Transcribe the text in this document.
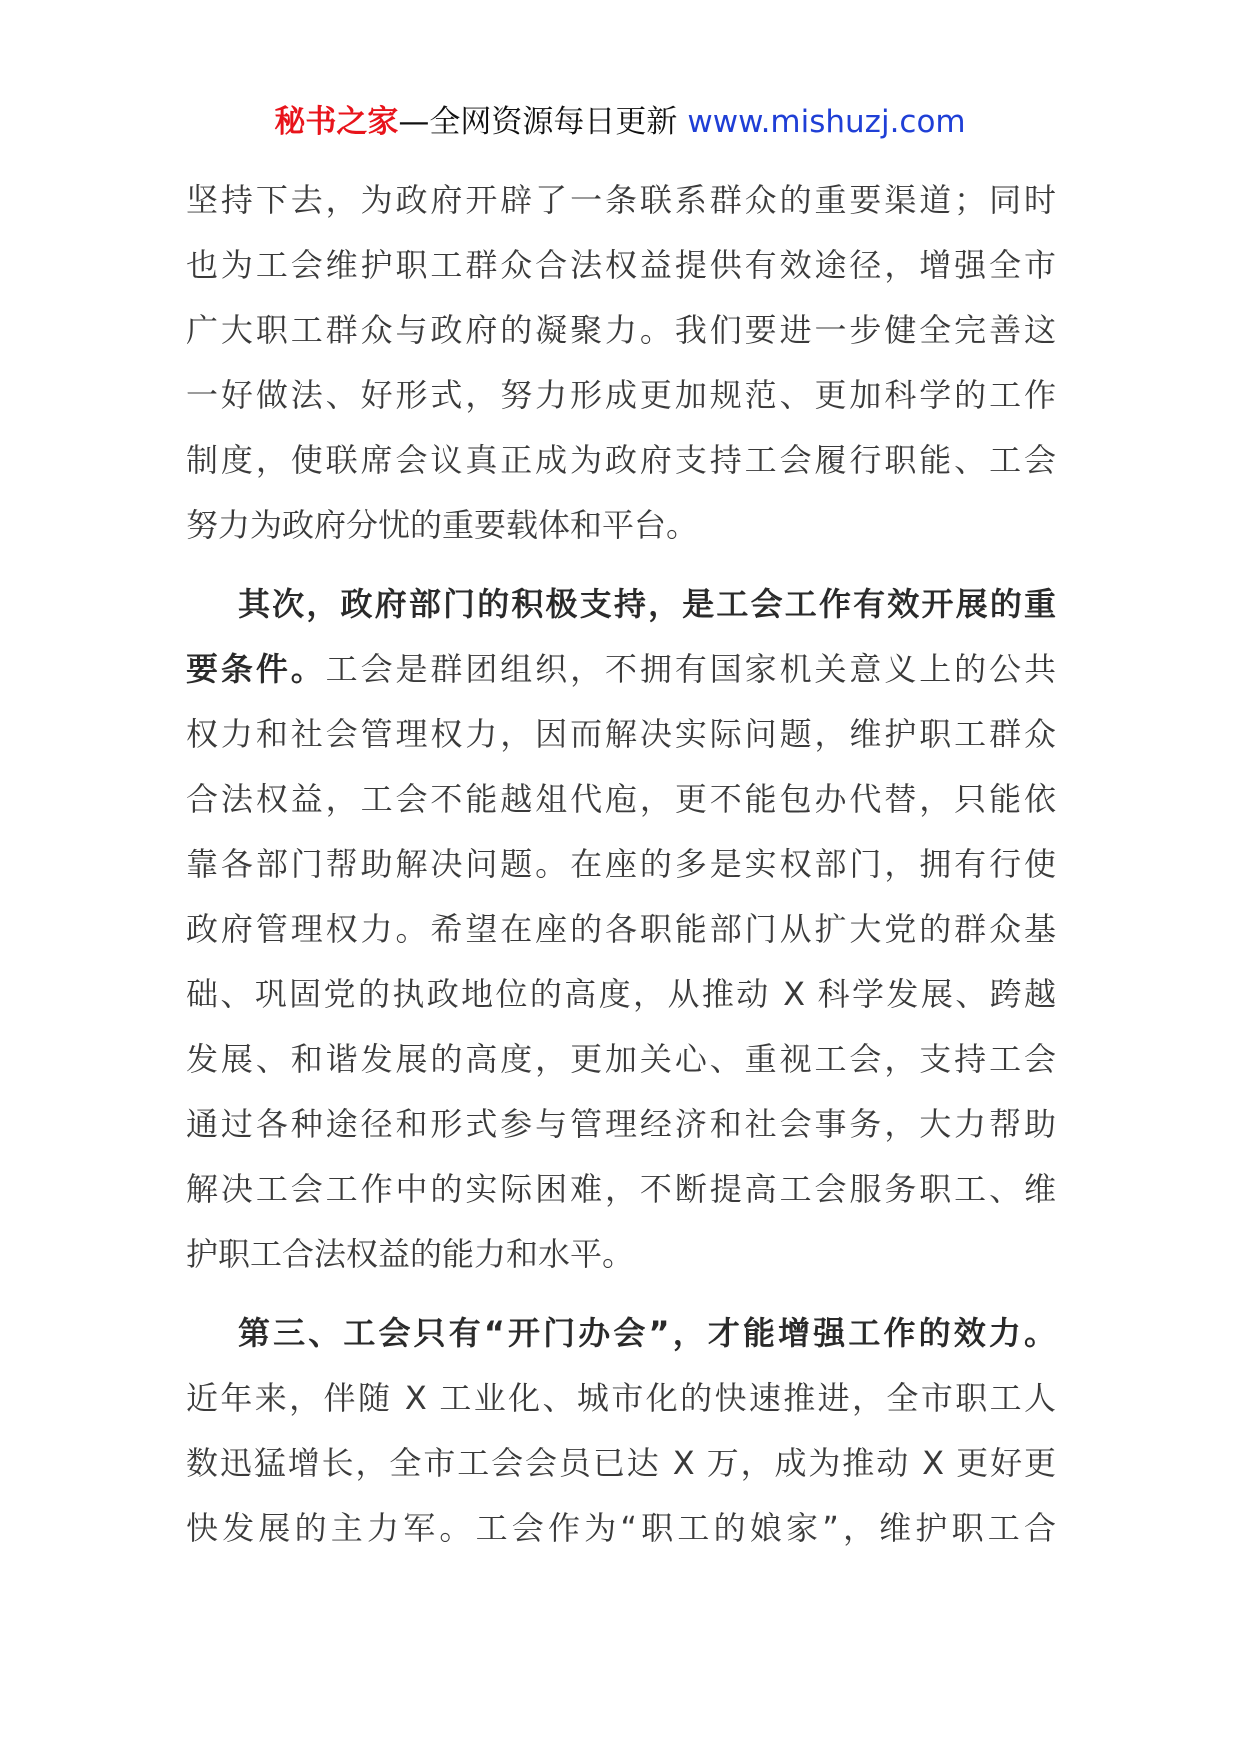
秘书之家—全网资源每日更新 www.mishuzj.com
坚持下去，为政府开辟了一条联系群众的重要渠道；同时
也为工会维护职工群众合法权益提供有效途径，增强全市
广大职工群众与政府的凝聚力。我们要进一步健全完善这
一好做法、好形式，努力形成更加规范、更加科学的工作
制度，使联席会议真正成为政府支持工会履行职能、工会
努力为政府分忧的重要载体和平台。
其次，政府部门的积极支持，是工会工作有效开展的重
要条件。工会是群团组织，不拥有国家机关意义上的公共
权力和社会管理权力，因而解决实际问题，维护职工群众
合法权益，工会不能越俎代庖，更不能包办代替，只能依
靠各部门帮助解决问题。在座的多是实权部门，拥有行使
政府管理权力。希望在座的各职能部门从扩大党的群众基
础、巩固党的执政地位的高度，从推动 X 科学发展、跨越
发展、和谐发展的高度，更加关心、重视工会，支持工会
通过各种途径和形式参与管理经济和社会事务，大力帮助
解决工会工作中的实际困难，不断提高工会服务职工、维
护职工合法权益的能力和水平。
第三、工会只有“开门办会”，才能增强工作的效力。
近年来，伴随 X 工业化、城市化的快速推进，全市职工人
数迅猛增长，全市工会会员已达 X 万，成为推动 X 更好更
快发展的主力军。工会作为“职工的娘家”，维护职工合
